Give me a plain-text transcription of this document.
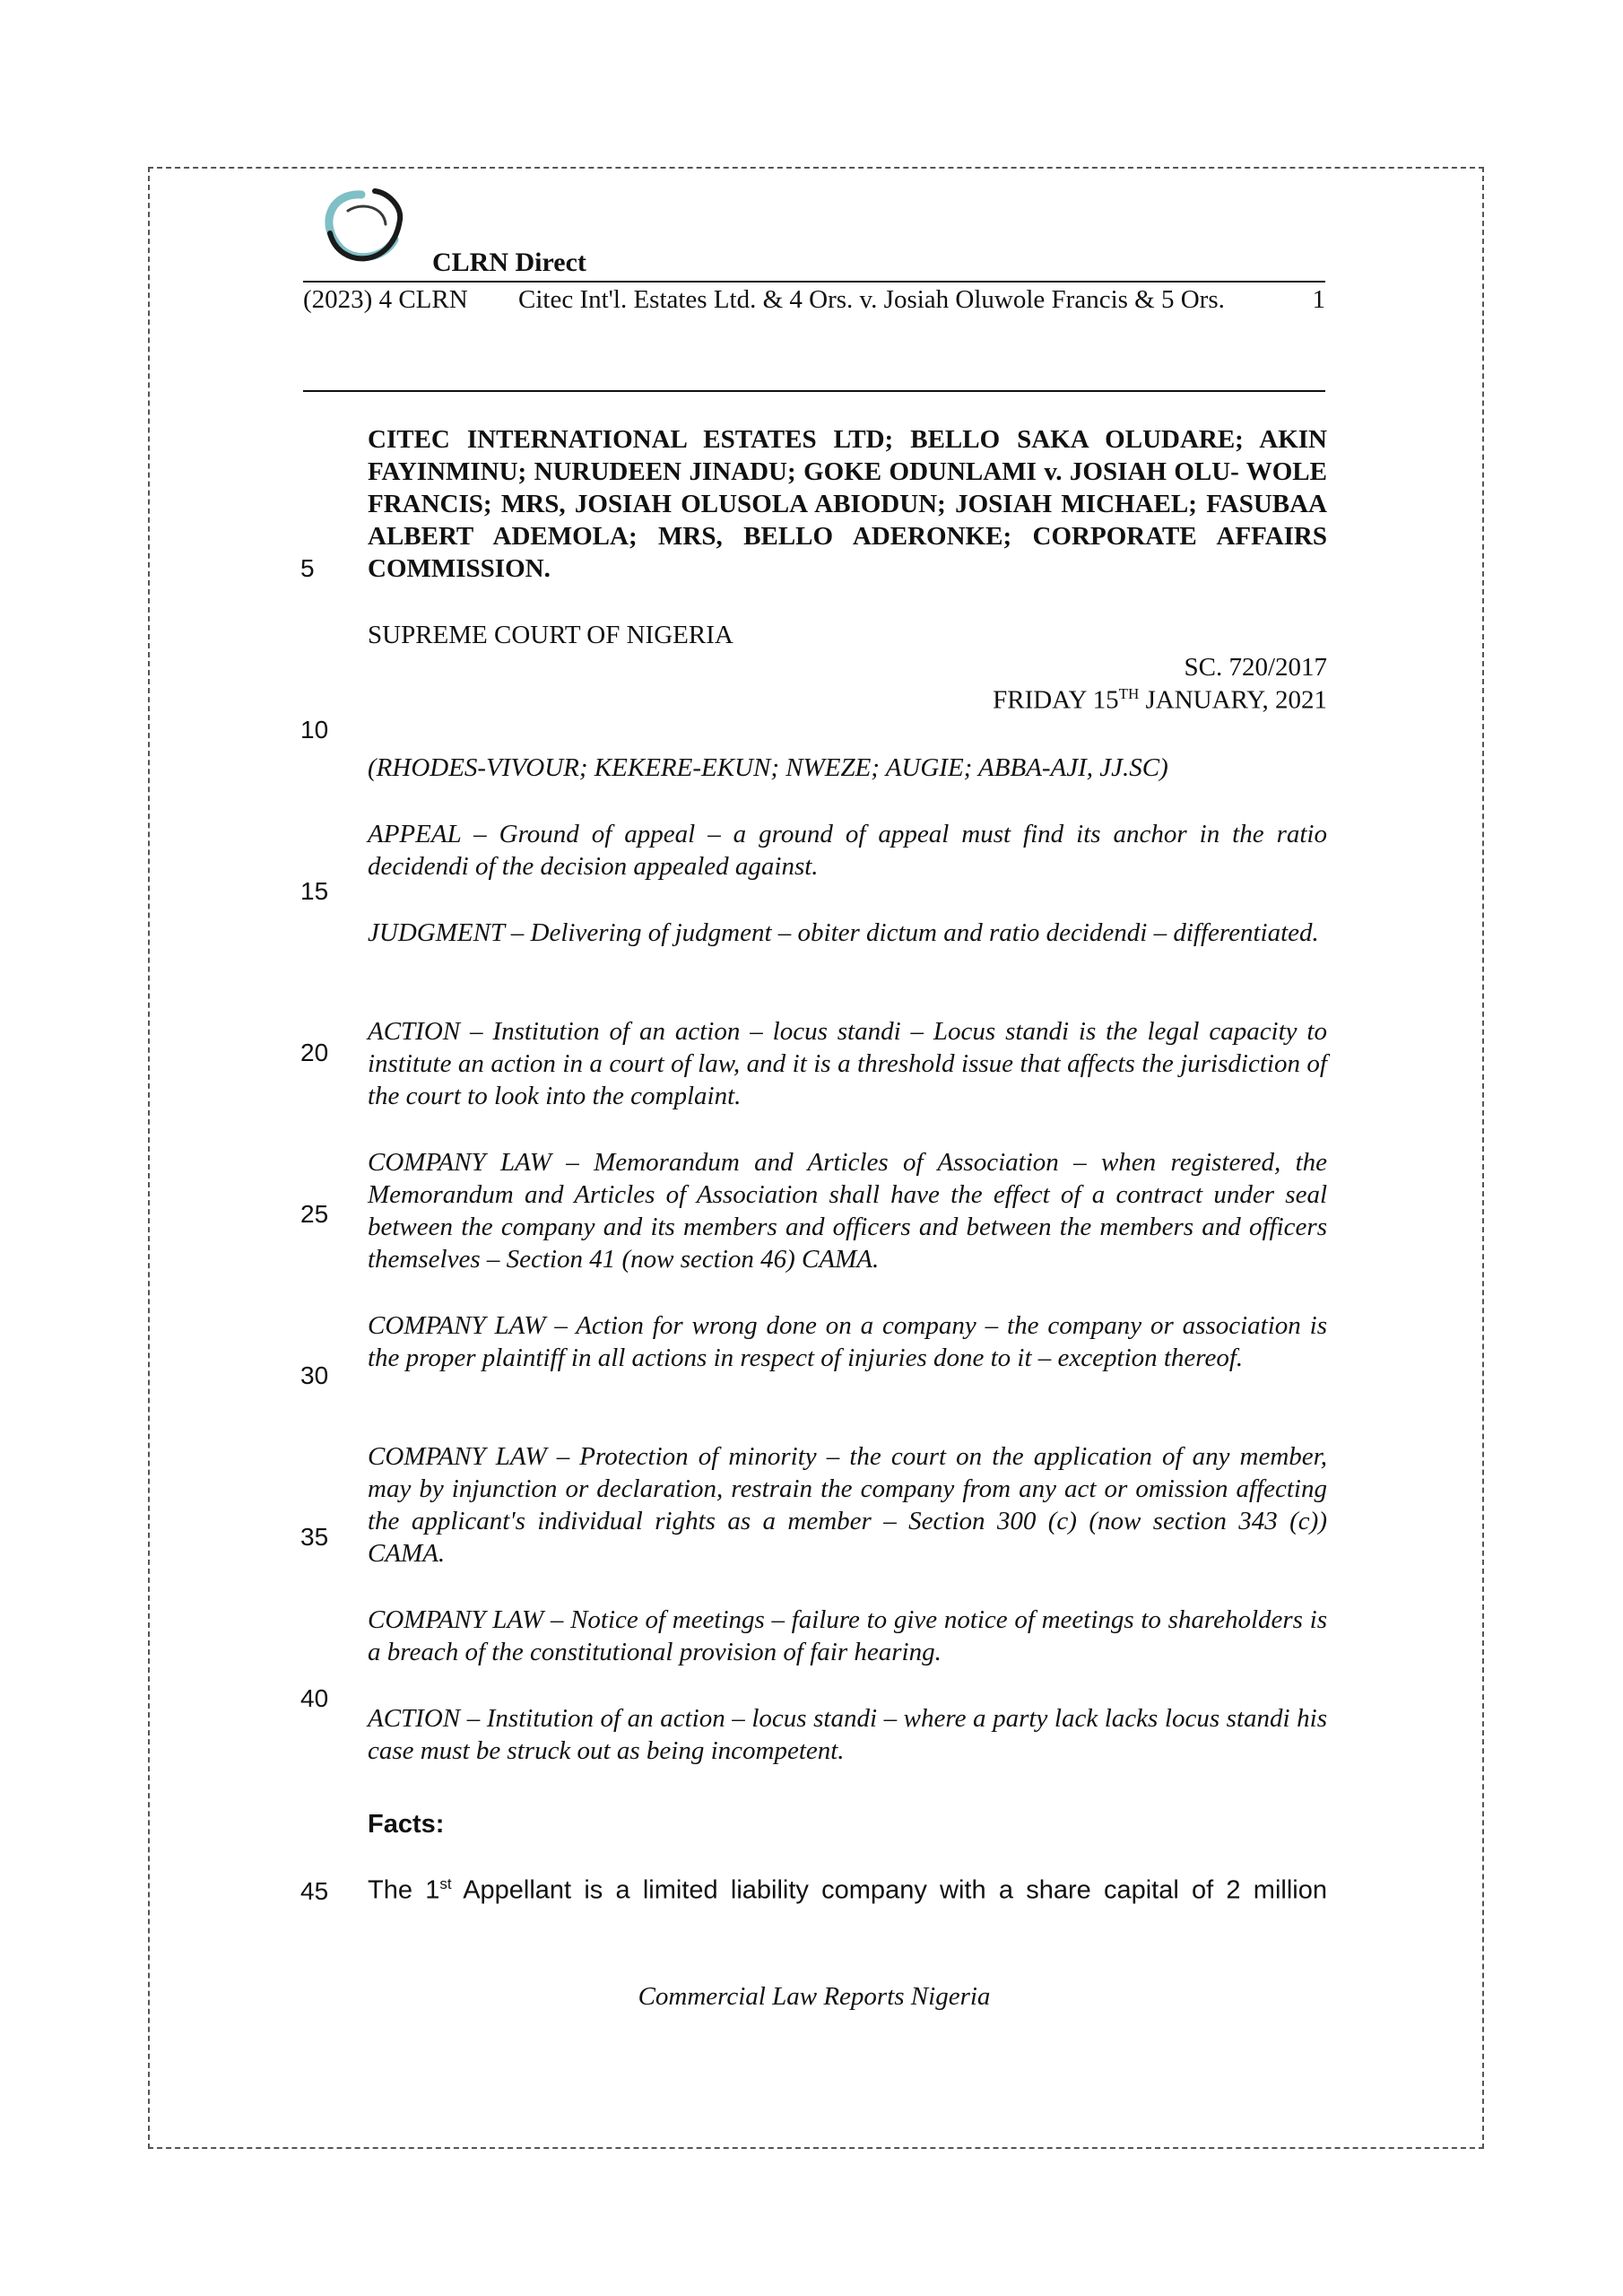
CLRN Direct
(2023) 4 CLRN	Citec Int'l. Estates Ltd. & 4 Ors. v. Josiah Oluwole Francis & 5 Ors.	1
5
10
15
20
25
30
35
40
45
CITEC INTERNATIONAL ESTATES LTD; BELLO SAKA OLUDARE; AKIN FAYINMINU; NURUDEEN JINADU; GOKE ODUNLAMI v. JOSIAH OLU- WOLE FRANCIS; MRS, JOSIAH OLUSOLA ABIODUN; JOSIAH MICHAEL; FASUBAA ALBERT ADEMOLA; MRS, BELLO ADERONKE; CORPORATE AFFAIRS COMMISSION.
SUPREME COURT OF NIGERIA
SC. 720/2017
FRIDAY 15TH JANUARY, 2021
(RHODES-VIVOUR; KEKERE-EKUN; NWEZE; AUGIE; ABBA-AJI, JJ.SC)
APPEAL – Ground of appeal – a ground of appeal must find its anchor in the ratio decidendi of the decision appealed against.
JUDGMENT – Delivering of judgment – obiter dictum and ratio decidendi – differentiated.
ACTION – Institution of an action – locus standi – Locus standi is the legal capacity to institute an action in a court of law, and it is a threshold issue that affects the jurisdiction of the court to look into the complaint.
COMPANY LAW – Memorandum and Articles of Association – when registered, the Memorandum and Articles of Association shall have the effect of a contract under seal between the company and its members and officers and between the members and officers themselves – Section 41 (now section 46) CAMA.
COMPANY LAW – Action for wrong done on a company – the company or association is the proper plaintiff in all actions in respect of injuries done to it – exception thereof.
COMPANY LAW – Protection of minority – the court on the application of any member, may by injunction or declaration, restrain the company from any act or omission affecting the applicant's individual rights as a member – Section 300 (c) (now section 343 (c)) CAMA.
COMPANY LAW – Notice of meetings – failure to give notice of meetings to shareholders is a breach of the constitutional provision of fair hearing.
ACTION – Institution of an action – locus standi – where a party lack lacks locus standi his case must be struck out as being incompetent.
Facts:
The 1st Appellant is a limited liability company with a share capital of 2 million
Commercial Law Reports Nigeria
